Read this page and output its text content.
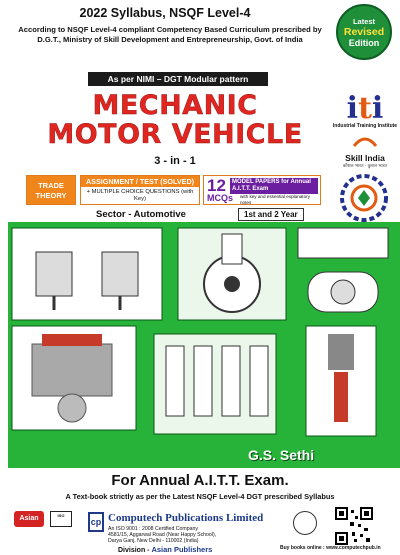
2022 Syllabus, NSQF Level-4
According to NSQF Level-4 compliant Competency Based Curriculum prescribed by
D.G.T., Ministry of Skill Development and Entrepreneurship, Govt. of India
Latest
Revised
Edition
As per NIMI – DGT Modular pattern
MECHANIC
MOTOR VEHICLE
3 - in - 1
TRADE THEORY
ASSIGNMENT / TEST (SOLVED)
+ MULTIPLE CHOICE QUESTIONS (with Key)
12	MODEL PAPERS for Annual A.I.T.T. Exam
MCQs with key and essential explanatory notes
Sector - Automotive	1st and 2 Year
iti
Industrial Training Institute
Skill India
कौशल भारत - कुशल भारत
G.S. Sethi
For Annual A.I.T.T. Exam.
A Text-book strictly as per the Latest NSQF Level-4 DGT prescribed Syllabus
Asian	ISO
cp Computech Publications Limited
An ISO 9001 : 2008 Certified Company
4581/15, Aggarwal Road (Near Happy School),
Darya Ganj, New Delhi - 110002 (India)
Division - Asian Publishers	Buy books online : www.computechpub.in
